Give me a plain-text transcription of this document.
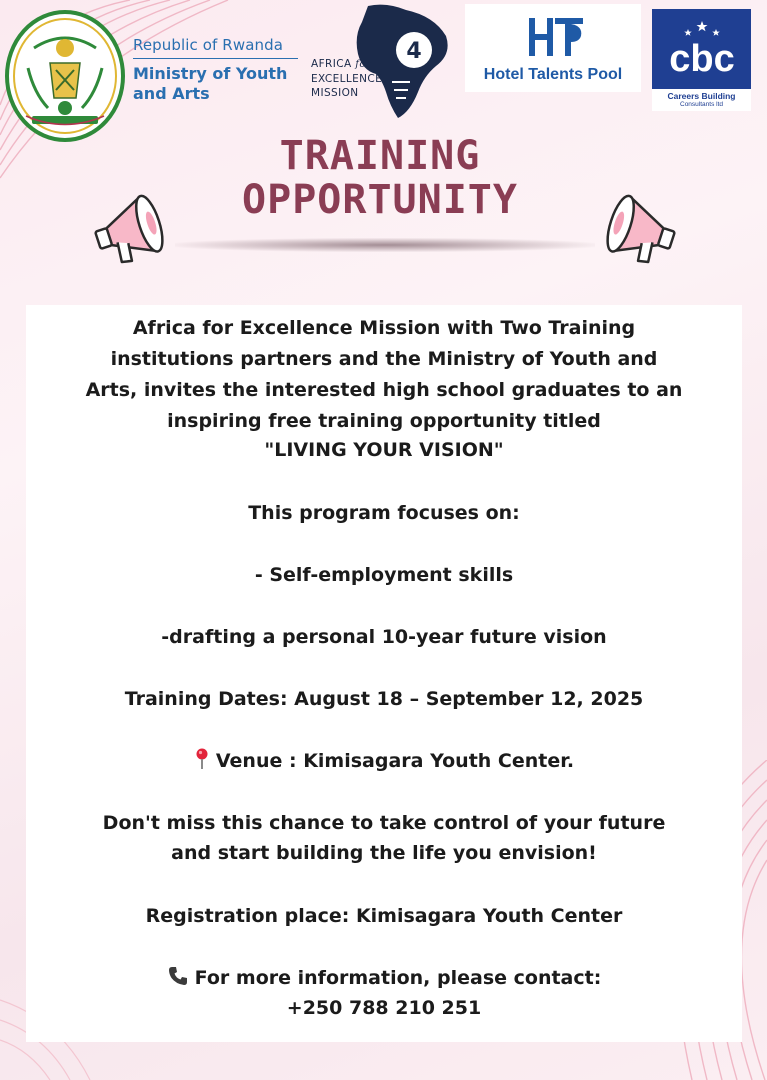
Republic of Rwanda
Ministry of Youth
and Arts
4
AFRICA for
EXCELLENCE
MISSION
Hotel Talents Pool	cbc
Careers Building
Consultants ltd
TRAINING
OPPORTUNITY
Africa for Excellence Mission with Two Training
institutions partners and the Ministry of Youth and
Arts, invites the interested high school graduates to an
inspiring free training opportunity titled
"LIVING YOUR VISION"
This program focuses on:
- Self-employment skills
-drafting a personal 10-year future vision
Training Dates: August 18 – September 12, 2025
Venue : Kimisagara Youth Center.
Don't miss this chance to take control of your future
and start building the life you envision!
Registration place: Kimisagara Youth Center
For more information, please contact:
+250 788 210 251
